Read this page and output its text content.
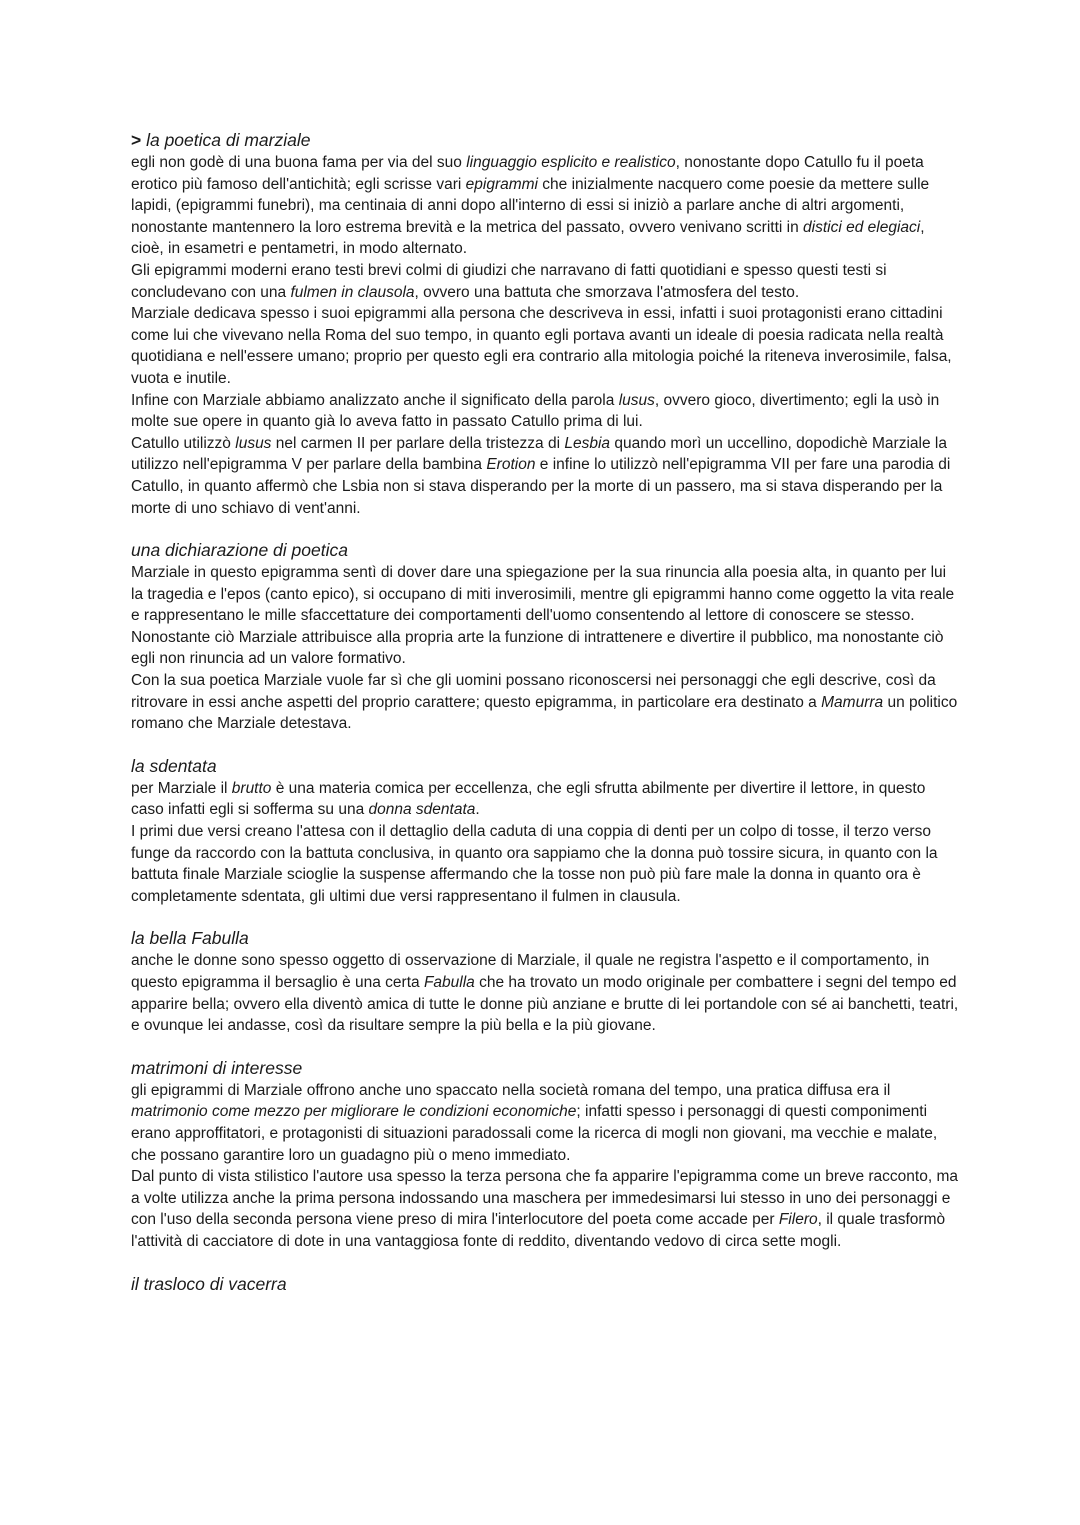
> la poetica di marziale

egli non godè di una buona fama per via del suo linguaggio esplicito e realistico, nonostante dopo Catullo fu il poeta erotico più famoso dell'antichità; egli scrisse vari epigrammi che inizialmente nacquero come poesie da mettere sulle lapidi, (epigrammi funebri), ma centinaia di anni dopo all'interno di essi si iniziò a parlare anche di altri argomenti, nonostante mantennero la loro estrema brevità e la metrica del passato, ovvero venivano scritti in distici ed elegiaci, cioè, in esametri e pentametri, in modo alternato.

Gli epigrammi moderni erano testi brevi colmi di giudizi che narravano di fatti quotidiani e spesso questi testi si concludevano con una fulmen in clausola, ovvero una battuta che smorzava l'atmosfera del testo.

Marziale dedicava spesso i suoi epigrammi alla persona che descriveva in essi, infatti i suoi protagonisti erano cittadini come lui che vivevano nella Roma del suo tempo, in quanto egli portava avanti un ideale di poesia radicata nella realtà quotidiana e nell'essere umano; proprio per questo egli era contrario alla mitologia poiché la riteneva inverosimile, falsa, vuota e inutile.

Infine con Marziale abbiamo analizzato anche il significato della parola lusus, ovvero gioco, divertimento; egli la usò in molte sue opere in quanto già lo aveva fatto in passato Catullo prima di lui.

Catullo utilizzò lusus nel carmen II per parlare della tristezza di Lesbia quando morì un uccellino, dopodichè Marziale la utilizzo nell'epigramma V per parlare della bambina Erotion e infine lo utilizzò nell'epigramma VII per fare una parodia di Catullo, in quanto affermò che Lsbia non si stava disperando per la morte di un passero, ma si stava disperando per la morte di uno schiavo di vent'anni.

una dichiarazione di poetica

Marziale in questo epigramma sentì di dover dare una spiegazione per la sua rinuncia alla poesia alta, in quanto per lui la tragedia e l'epos (canto epico), si occupano di miti inverosimili, mentre gli epigrammi hanno come oggetto la vita reale e rappresentano le mille sfaccettature dei comportamenti dell'uomo consentendo al lettore di conoscere se stesso. Nonostante ciò Marziale attribuisce alla propria arte la funzione di intrattenere e divertire il pubblico, ma nonostante ciò egli non rinuncia ad un valore formativo.

Con la sua poetica Marziale vuole far sì che gli uomini possano riconoscersi nei personaggi che egli descrive, così da ritrovare in essi anche aspetti del proprio carattere; questo epigramma, in particolare era destinato a Mamurra un politico romano che Marziale detestava.

la sdentata

per Marziale il brutto è una materia comica per eccellenza, che egli sfrutta abilmente per divertire il lettore, in questo caso infatti egli si sofferma su una donna sdentata.

I primi due versi creano l'attesa con il dettaglio della caduta di una coppia di denti per un colpo di tosse, il terzo verso funge da raccordo con la battuta conclusiva, in quanto ora sappiamo che la donna può tossire sicura, in quanto con la battuta finale Marziale scioglie la suspense affermando che la tosse non può più fare male la donna in quanto ora è completamente sdentata, gli ultimi due versi rappresentano il fulmen in clausula.

la bella Fabulla

anche le donne sono spesso oggetto di osservazione di Marziale, il quale ne registra l'aspetto e il comportamento, in questo epigramma il bersaglio è una certa Fabulla che ha trovato un modo originale per combattere i segni del tempo ed apparire bella; ovvero ella diventò amica di tutte le donne più anziane e brutte di lei portandole con sé ai banchetti, teatri, e ovunque lei andasse, così da risultare sempre la più bella e la più giovane.

matrimoni di interesse

gli epigrammi di Marziale offrono anche uno spaccato nella società romana del tempo, una pratica diffusa era il matrimonio come mezzo per migliorare le condizioni economiche; infatti spesso i personaggi di questi componimenti erano approffitatori, e protagonisti di situazioni paradossali come la ricerca di mogli non giovani, ma vecchie e malate, che possano garantire loro un guadagno più o meno immediato.

Dal punto di vista stilistico l'autore usa spesso la terza persona che fa apparire l'epigramma come un breve racconto, ma a volte utilizza anche la prima persona indossando una maschera per immedesimarsi lui stesso in uno dei personaggi e con l'uso della seconda persona viene preso di mira l'interlocutore del poeta come accade per Filero, il quale trasformò l'attività di cacciatore di dote in una vantaggiosa fonte di reddito, diventando vedovo di circa sette mogli.

il trasloco di vacerra
